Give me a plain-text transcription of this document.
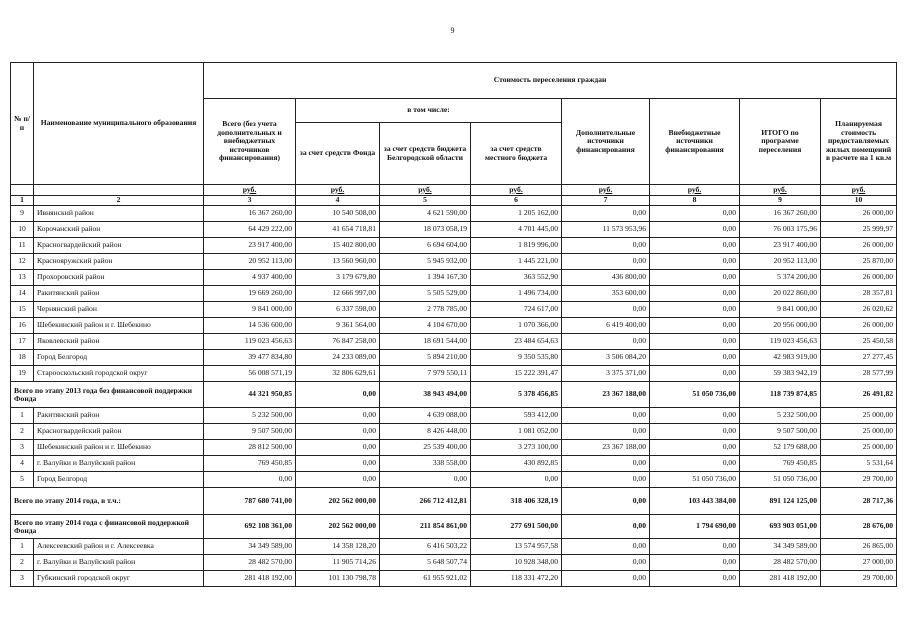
9
№ п/п	Наименование муниципального образования	Стоимость переселения граждан							
		Всего (без учета дополнительных и внебюджетных источников финансирования)	в том числе:			Дополнительные источники финансирования	Внебюджетные источники финансирования	ИТОГО по программе переселения	Планируемая стоимость предоставляемых жилых помещений в расчете на 1 кв.м
			за счет средств Фонда	за счет средств бюджета Белгородской области	за счет средств местного бюджета				
		руб.	руб.	руб.	руб.	руб.	руб.	руб.	руб.
1	2	3	4	5	6	7	8	9	10
9	Ивнянский район	16 367 260,00	10 540 508,00	4 621 590,00	1 205 162,00	0,00	0,00	16 367 260,00	26 000,00
10	Корочанский район	64 429 222,00	41 654 718,81	18 073 058,19	4 701 445,00	11 573 953,96	0,00	76 003 175,96	25 999,97
11	Красногвардейский район	23 917 400,00	15 402 800,00	6 694 604,00	1 819 996,00	0,00	0,00	23 917 400,00	26 000,00
12	Краснояружский район	20 952 113,00	13 560 960,00	5 945 932,00	1 445 221,00	0,00	0,00	20 952 113,00	25 870,00
13	Прохоровский район	4 937 400,00	3 179 679,80	1 394 167,30	363 552,90	436 800,00	0,00	5 374 200,00	26 000,00
14	Ракитянский район	19 669 260,00	12 666 997,00	5 505 529,00	1 496 734,00	353 600,00	0,00	20 022 860,00	28 357,81
15	Чернянский район	9 841 000,00	6 337 598,00	2 778 785,00	724 617,00	0,00	0,00	9 841 000,00	26 020,62
16	Шебекинский район и г. Шебекино	14 536 600,00	9 361 564,00	4 104 670,00	1 070 366,00	6 419 400,00	0,00	20 956 000,00	26 000,00
17	Яковлевский район	119 023 456,63	76 847 258,00	18 691 544,00	23 484 654,63	0,00	0,00	119 023 456,63	25 450,58
18	Город Белгород	39 477 834,80	24 233 089,00	5 894 210,00	9 350 535,80	3 506 084,20	0,00	42 983 919,00	27 277,45
19	Старооскольский городской округ	56 008 571,19	32 806 629,61	7 979 550,11	15 222 391,47	3 375 371,00	0,00	59 383 942,19	28 577,99
Всего по этапу 2013 года без финансовой поддержки Фонда		44 321 950,85	0,00	38 943 494,00	5 378 456,85	23 367 188,00	51 050 736,00	118 739 874,85	26 491,82
1	Ракитянский район	5 232 500,00	0,00	4 639 088,00	593 412,00	0,00	0,00	5 232 500,00	25 000,00
2	Красногвардейский район	9 507 500,00	0,00	8 426 448,00	1 081 052,00	0,00	0,00	9 507 500,00	25 000,00
3	Шебекинский район и г. Шебекино	28 812 500,00	0,00	25 539 400,00	3 273 100,00	23 367 188,00	0,00	52 179 688,00	25 000,00
4	г. Валуйки и Валуйский район	769 450,85	0,00	338 558,00	430 892,85	0,00	0,00	769 450,85	5 531,64
5	Город Белгород	0,00	0,00	0,00	0,00	0,00	51 050 736,00	51 050 736,00	29 700,00
Всего по этапу 2014 года, в т.ч.:		787 680 741,00	202 562 000,00	266 712 412,81	318 406 328,19	0,00	103 443 384,00	891 124 125,00	28 717,36
Всего по этапу 2014 года с финансовой поддержкой Фонда		692 108 361,00	202 562 000,00	211 854 861,00	277 691 500,00	0,00	1 794 690,00	693 903 051,00	28 676,00
1	Алексеевский район и г. Алексеевка	34 349 589,00	14 358 128,20	6 416 503,22	13 574 957,58	0,00	0,00	34 349 589,00	26 865,00
2	г. Валуйки и Валуйский район	28 482 570,00	11 905 714,26	5 648 507,74	10 928 348,00	0,00	0,00	28 482 570,00	27 000,00
3	Губкинский городской округ	281 418 192,00	101 130 798,78	61 955 921,02	118 331 472,20	0,00	0,00	281 418 192,00	29 700,00
